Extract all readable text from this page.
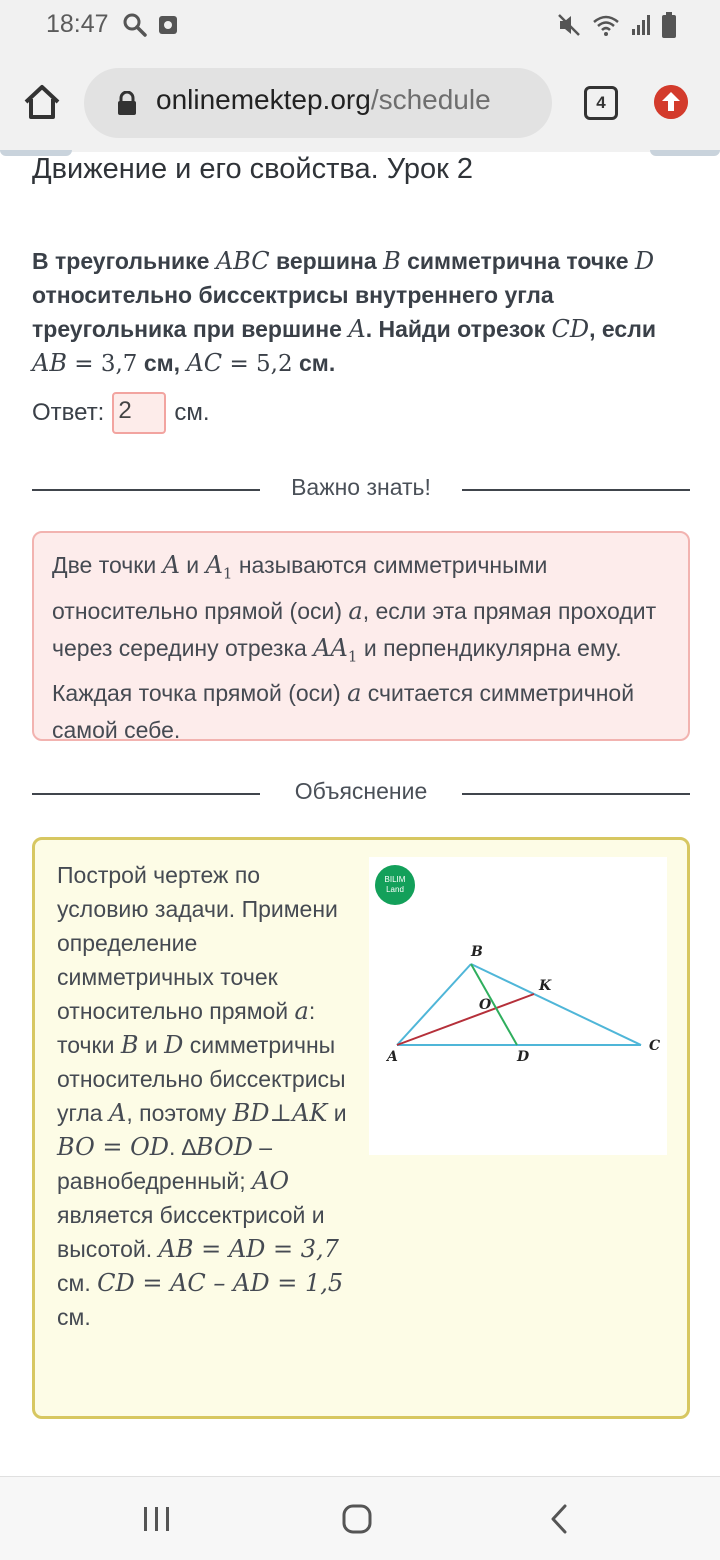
18:47
onlinemektep.org/schedule	4
Движение и его свойства. Урок 2
В треугольнике ABC вершина B симметрична точке D относительно биссектрисы внутреннего угла треугольника при вершине A. Найди отрезок CD, если AB = 3,7 см, AC = 5,2 см.
Ответ: 2	см.
Важно знать!
Две точки A и $A_1$ называются симметричными относительно прямой (оси) a, если эта прямая проходит через середину отрезка $AA_1$ и перпендикулярна ему. Каждая точка прямой (оси) a считается симметричной самой себе.
Объяснение
Построй чертеж по условию задачи. Примени определение симметричных точек относительно прямой a: точки B и D симметричны относительно биссектрисы угла A, поэтому BD⊥AK и BO = OD. ∆BOD – равнобедренный; AO является биссектрисой и высотой. AB = AD = 3,7 см. CD = AC – AD = 1,5 см.
BILIM
Land
B
K
O
A	D
C
